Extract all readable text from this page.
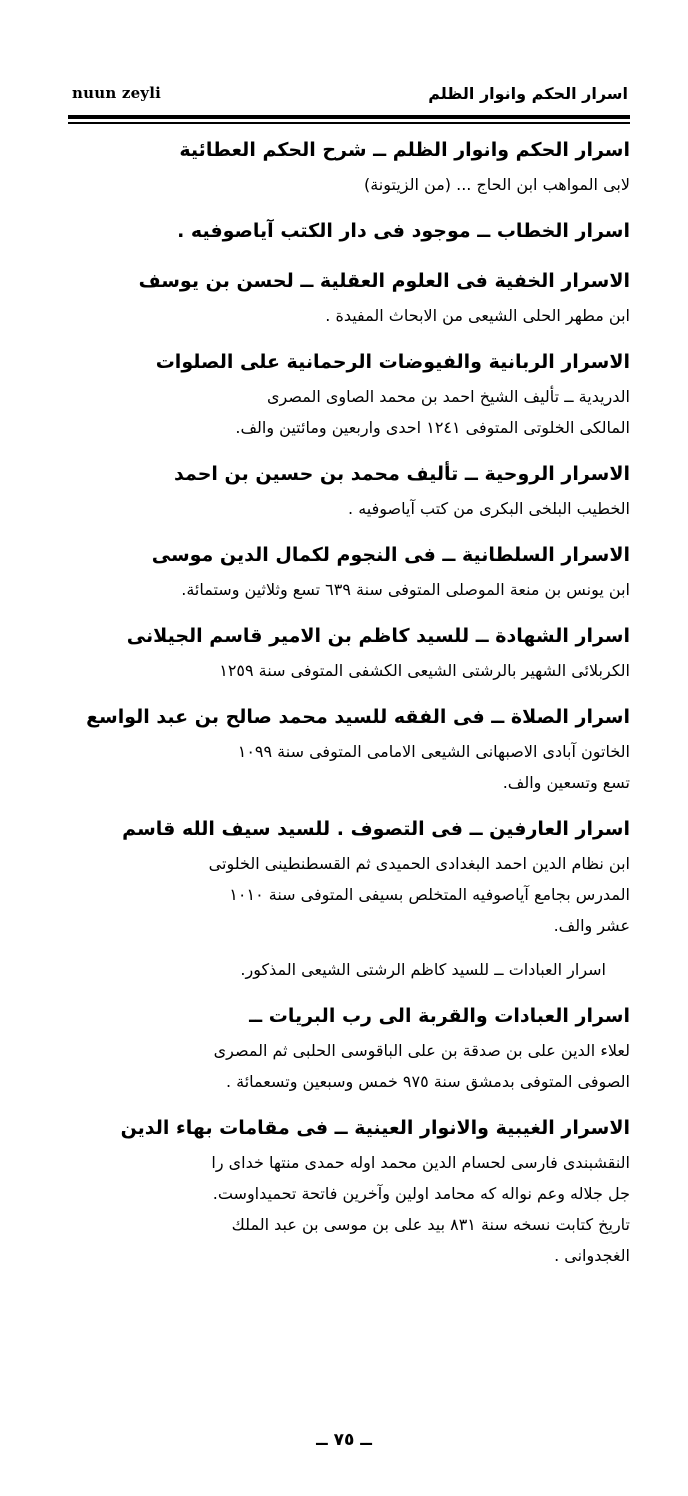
nuun zeyli	اسرار الحكم وانوار الظلم
اسرار الحكم وانوار الظلم ــ شرح الحكم العطائية
لابى المواهب ابن الحاج ... (من الزيتونة)
اسرار الخطاب ــ موجود فى دار الكتب آياصوفيه .
الاسرار الخفية فى العلوم العقلية ــ لحسن بن يوسف
ابن مطهر الحلى الشيعى من الابحاث المفيدة .
الاسرار الربانية والفيوضات الرحمانية على الصلوات
الدريدية ــ تأليف الشيخ احمد بن محمد الصاوى المصرى
المالكى الخلوتى المتوفى ١٢٤١ احدى واربعين ومائتين والف.
الاسرار الروحية ــ تأليف محمد بن حسين بن احمد
الخطيب البلخى البكرى من كتب آياصوفيه .
الاسرار السلطانية ــ فى النجوم لكمال الدين موسى
ابن يونس بن منعة الموصلى المتوفى سنة ٦٣٩ تسع وثلاثين وستمائة.
اسرار الشهادة ــ للسيد كاظم بن الامير قاسم الجيلانى
الكربلائى الشهير بالرشتى الشيعى الكشفى المتوفى سنة ١٢٥٩
اسرار الصلاة ــ فى الفقه للسيد محمد صالح بن عبد الواسع
الخاتون آبادى الاصبهانى الشيعى الامامى المتوفى سنة ١٠٩٩
تسع وتسعين والف.
اسرار العارفين ــ فى التصوف . للسيد سيف الله قاسم
ابن نظام الدين احمد البغدادى الحميدى ثم القسطنطينى الخلوتى
المدرس بجامع آياصوفيه المتخلص بسيفى المتوفى سنة ١٠١٠
عشر والف.
اسرار العبادات ــ للسيد كاظم الرشتى الشيعى المذكور.
اسرار العبادات والقربة الى رب البريات ــ
لعلاء الدين على بن صدقة بن على الباقوسى الحلبى ثم المصرى
الصوفى المتوفى بدمشق سنة ٩٧٥ خمس وسبعين وتسعمائة .
الاسرار الغيبية والانوار العينية ــ فى مقامات بهاء الدين
النقشبندى فارسى لحسام الدين محمد اوله حمدى منتها خداى را
جل جلاله وعم نواله كه محامد اولين وآخرين فاتحة تحميداوست.
تاريخ كتابت نسخه سنة ٨٣١ بيد على بن موسى بن عبد الملك
الغجدوانى .
ــ ٧٥ ــ
